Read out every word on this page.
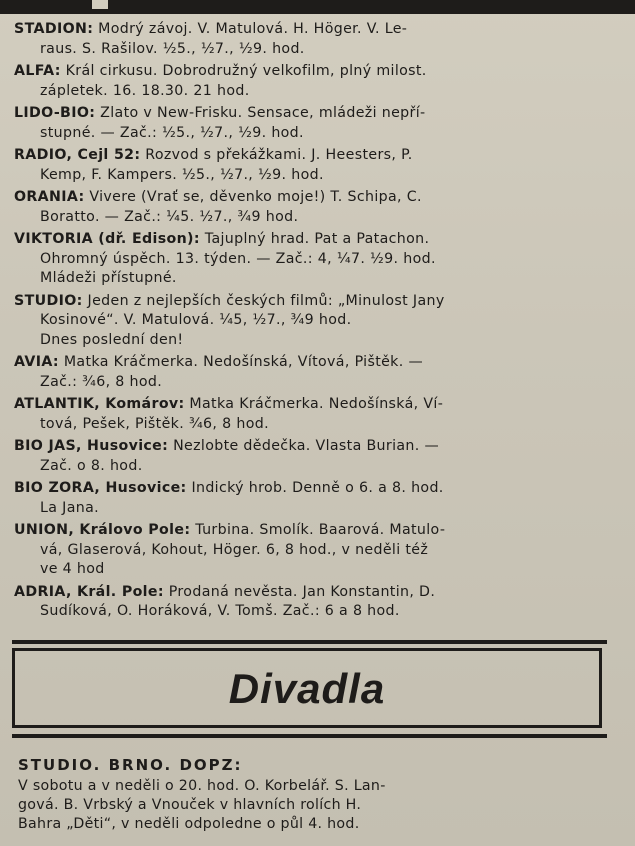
STADION: Modrý závoj. V. Matulová. H. Höger. V. Le-
raus. S. Rašilov. ½5., ½7., ½9. hod.
ALFA: Král cirkusu. Dobrodružný velkofilm, plný milost.
zápletek. 16. 18.30. 21 hod.
LIDO-BIO: Zlato v New-Frisku. Sensace, mládeži nepří-
stupné. — Zač.: ½5., ½7., ½9. hod.
RADIO, Cejl 52: Rozvod s překážkami. J. Heesters, P.
Kemp, F. Kampers. ½5., ½7., ½9. hod.
ORANIA: Vivere (Vrať se, děvenko moje!) T. Schipa, C.
Boratto. — Zač.: ¼5. ½7., ¾9 hod.
VIKTORIA (dř. Edison): Tajuplný hrad. Pat a Patachon.
Ohromný úspěch. 13. týden. — Zač.: 4, ¼7. ½9. hod.
Mládeži přístupné.
STUDIO: Jeden z nejlepších českých filmů: „Minulost Jany
Kosinové“. V. Matulová. ¼5, ½7., ¾9 hod.
Dnes poslední den!
AVIA: Matka Kráčmerka. Nedošínská, Vítová, Pištěk. —
Zač.: ¾6, 8 hod.
ATLANTIK, Komárov: Matka Kráčmerka. Nedošínská, Ví-
tová, Pešek, Pištěk. ¾6, 8 hod.
BIO JAS, Husovice: Nezlobte dědečka. Vlasta Burian. —
Zač. o 8. hod.
BIO ZORA, Husovice: Indický hrob. Denně o 6. a 8. hod.
La Jana.
UNION, Královo Pole: Turbina. Smolík. Baarová. Matulo-
vá, Glaserová, Kohout, Höger. 6, 8 hod., v neděli též
ve 4 hod
ADRIA, Král. Pole: Prodaná nevěsta. Jan Konstantin, D.
Sudíková, O. Horáková, V. Tomš. Zač.: 6 a 8 hod.
Divadla
STUDIO. BRNO. DOPZ:
V sobotu a v neděli o 20. hod. O. Korbelář. S. Lan-
gová. B. Vrbský a Vnouček v hlavních rolích H.
Bahra „Děti“, v neděli odpoledne o půl 4. hod.
